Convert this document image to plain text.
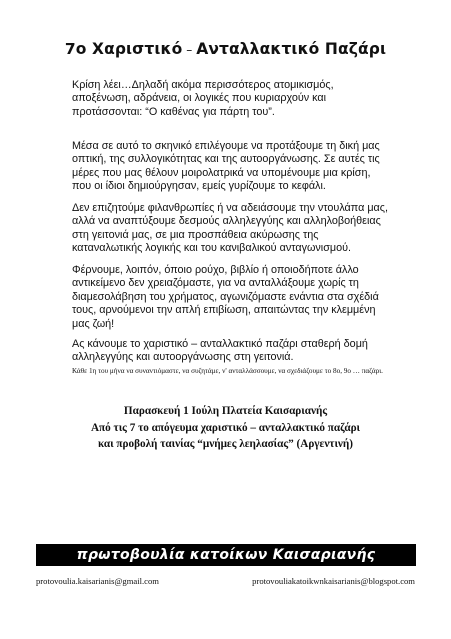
7ο Χαριστικό – Ανταλλακτικό Παζάρι

Κρίση λέει…Δηλαδή ακόμα περισσότερος ατομικισμός, αποξένωση, αδράνεια, οι λογικές που κυριαρχούν και προτάσσονται: “Ο καθένας για πάρτη του”.

Μέσα σε αυτό το σκηνικό επιλέγουμε να προτάξουμε τη δική μας οπτική, της συλλογικότητας και της αυτοοργάνωσης. Σε αυτές τις μέρες που μας θέλουν μοιρολατρικά να υπομένουμε μια κρίση, που οι ίδιοι δημιούργησαν, εμείς γυρίζουμε το κεφάλι.

Δεν επιζητούμε φιλανθρωπίες ή να αδειάσουμε την ντουλάπα μας, αλλά να αναπτύξουμε δεσμούς αλληλεγγύης και αλληλοβοήθειας στη γειτονιά μας, σε μια προσπάθεια ακύρωσης της καταναλωτικής λογικής και του κανιβαλικού ανταγωνισμού.

Φέρνουμε, λοιπόν, όποιο ρούχο, βιβλίο ή οποιοδήποτε άλλο αντικείμενο δεν χρειαζόμαστε, για να ανταλλάξουμε χωρίς τη διαμεσολάβηση του χρήματος, αγωνιζόμαστε ενάντια στα σχέδιά τους, αρνούμενοι την απλή επιβίωση, απαιτώντας την κλεμμένη μας ζωή!

Ας κάνουμε το χαριστικό – ανταλλακτικό παζάρι σταθερή δομή αλληλεγγύης και αυτοοργάνωσης στη γειτονιά.

Κάθε 1η του μήνα να συναντιόμαστε, να συζητάμε, ν' ανταλλάσσουμε, να σχεδιάζουμε το 8ο, 9ο … παζάρι.

Παρασκευή 1 Ιούλη Πλατεία Καισαριανής
Από τις 7 το απόγευμα χαριστικό – ανταλλακτικό παζάρι
και προβολή ταινίας “μνήμες λεηλασίας” (Αργεντινή)
πρωτοβουλία κατοίκων Καισαριανής
protovoulia.kaisarianis@gmail.com	protovouliakatoikwnkaisarianis@blogspot.com
